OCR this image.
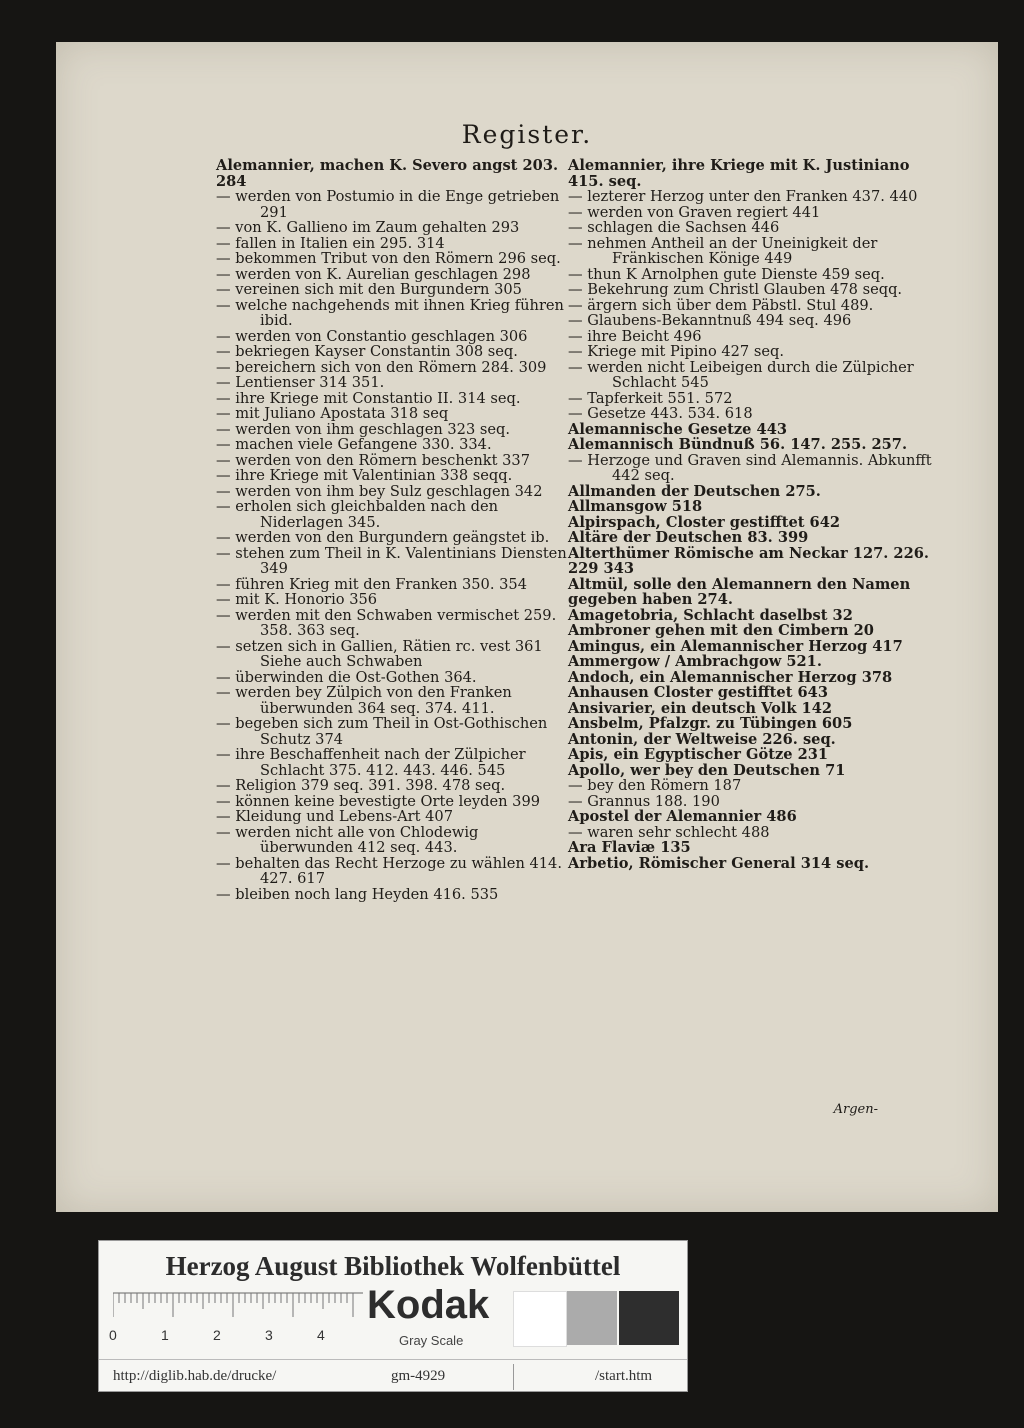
Register.

Alemannier, machen K. Severo angst 203. 284

— werden von Postumio in die Enge getrieben 291

— von K. Gallieno im Zaum gehalten 293

— fallen in Italien ein 295. 314

— bekommen Tribut von den Römern 296 seq.

— werden von K. Aurelian geschlagen 298

— vereinen sich mit den Burgundern 305

— welche nachgehends mit ihnen Krieg führen ibid.

— werden von Constantio geschlagen 306

— bekriegen Kayser Constantin 308 seq.

— bereichern sich von den Römern 284. 309

— Lentienser 314 351.

— ihre Kriege mit Constantio II. 314 seq.

— mit Juliano Apostata 318 seq

— werden von ihm geschlagen 323 seq.

— machen viele Gefangene 330. 334.

— werden von den Römern beschenkt 337

— ihre Kriege mit Valentinian 338 seqq.

— werden von ihm bey Sulz geschlagen 342

— erholen sich gleichbalden nach den Niderlagen 345.

— werden von den Burgundern geängstet ib.

— stehen zum Theil in K. Valentinians Diensten 349

— führen Krieg mit den Franken 350. 354

— mit K. Honorio 356

— werden mit den Schwaben vermischet 259. 358. 363 seq.

— setzen sich in Gallien, Rätien rc. vest 361 Siehe auch Schwaben

— überwinden die Ost-Gothen 364.

— werden bey Zülpich von den Franken überwunden 364 seq. 374. 411.

— begeben sich zum Theil in Ost-Gothischen Schutz 374

— ihre Beschaffenheit nach der Zülpicher Schlacht 375. 412. 443. 446. 545

— Religion 379 seq. 391. 398. 478 seq.

— können keine bevestigte Orte leyden 399

— Kleidung und Lebens-Art 407

— werden nicht alle von Chlodewig überwunden 412 seq. 443.

— behalten das Recht Herzoge zu wählen 414. 427. 617

— bleiben noch lang Heyden 416. 535

Alemannier, ihre Kriege mit K. Justiniano 415. seq.

— lezterer Herzog unter den Franken 437. 440

— werden von Graven regiert 441

— schlagen die Sachsen 446

— nehmen Antheil an der Uneinigkeit der Fränkischen Könige 449

— thun K Arnolphen gute Dienste 459 seq.

— Bekehrung zum Christl Glauben 478 seqq.

— ärgern sich über dem Päbstl. Stul 489.

— Glaubens-Bekanntnuß 494 seq. 496

— ihre Beicht 496

— Kriege mit Pipino 427 seq.

— werden nicht Leibeigen durch die Zülpicher Schlacht 545

— Tapferkeit 551. 572

— Gesetze 443. 534. 618

Alemannische Gesetze 443

Alemannisch Bündnuß 56. 147. 255. 257.

— Herzoge und Graven sind Alemannis. Abkunfft 442 seq.

Allmanden der Deutschen 275.

Allmansgow 518

Alpirspach, Closter gestifftet 642

Altäre der Deutschen 83. 399

Alterthümer Römische am Neckar 127. 226. 229 343

Altmül, solle den Alemannern den Namen gegeben haben 274.

Amagetobria, Schlacht daselbst 32

Ambroner gehen mit den Cimbern 20

Amingus, ein Alemannischer Herzog 417

Ammergow / Ambrachgow 521.

Andoch, ein Alemannischer Herzog 378

Anhausen Closter gestifftet 643

Ansivarier, ein deutsch Volk 142

Ansbelm, Pfalzgr. zu Tübingen 605

Antonin, der Weltweise 226. seq.

Apis, ein Egyptischer Götze 231

Apollo, wer bey den Deutschen 71

— bey den Römern 187

— Grannus 188. 190

Apostel der Alemannier 486

— waren sehr schlecht 488

Ara Flaviæ 135

Arbetio, Römischer General 314 seq.

Argen-
Herzog August Bibliothek Wolfenbüttel
0	1	2	3	4
Kodak
Gray Scale
http://diglib.hab.de/drucke/	gm-4929	/start.htm
